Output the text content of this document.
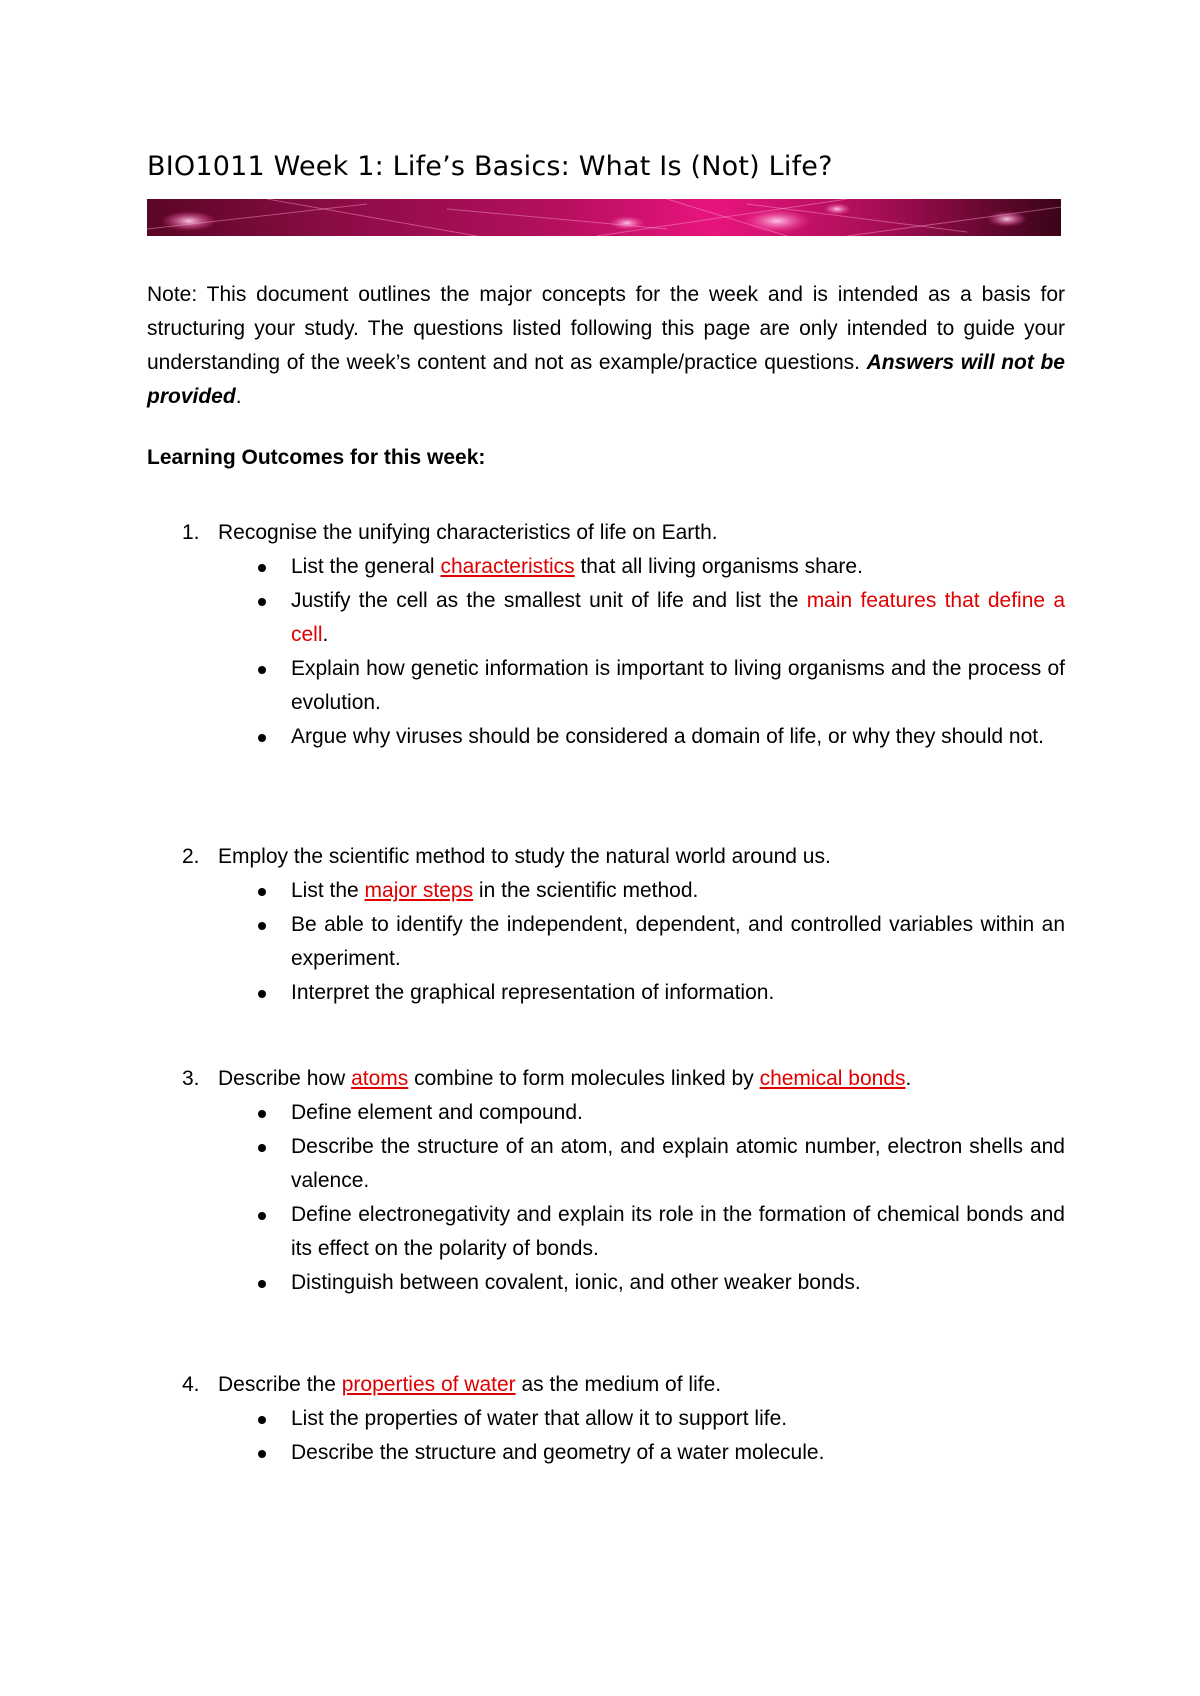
BIO1011 Week 1: Life’s Basics: What Is (Not) Life?
Note: This document outlines the major concepts for the week and is intended as a basis for structuring your study. The questions listed following this page are only intended to guide your understanding of the week’s content and not as example/practice questions. Answers will not be provided.
Learning Outcomes for this week:
1. Recognise the unifying characteristics of life on Earth.
List the general characteristics that all living organisms share.
Justify the cell as the smallest unit of life and list the main features that define a cell.
Explain how genetic information is important to living organisms and the process of evolution.
Argue why viruses should be considered a domain of life, or why they should not.
2. Employ the scientific method to study the natural world around us.
List the major steps in the scientific method.
Be able to identify the independent, dependent, and controlled variables within an experiment.
Interpret the graphical representation of information.
3. Describe how atoms combine to form molecules linked by chemical bonds.
Define element and compound.
Describe the structure of an atom, and explain atomic number, electron shells and valence.
Define electronegativity and explain its role in the formation of chemical bonds and its effect on the polarity of bonds.
Distinguish between covalent, ionic, and other weaker bonds.
4. Describe the properties of water as the medium of life.
List the properties of water that allow it to support life.
Describe the structure and geometry of a water molecule.
